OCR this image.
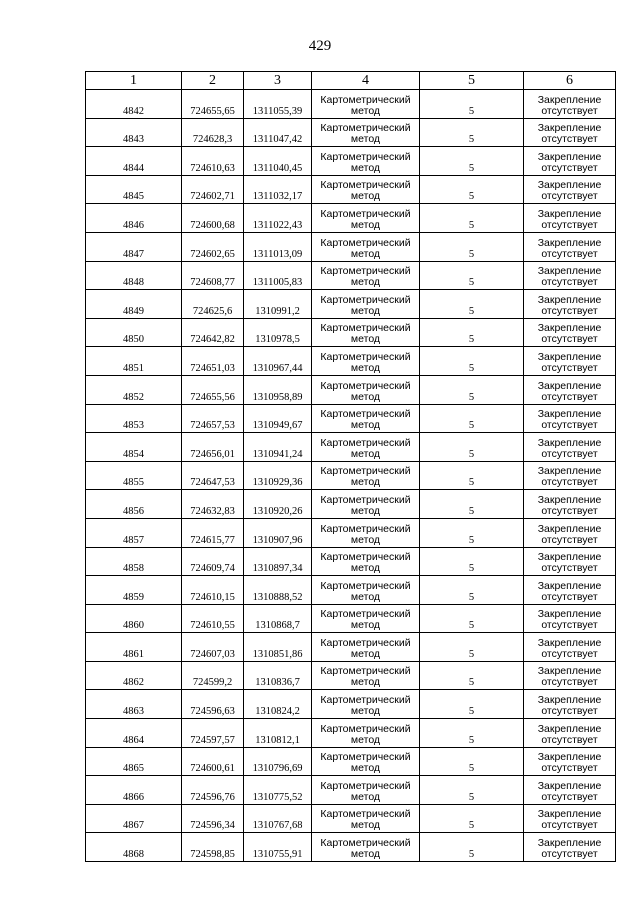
429
1	2	3	4	5	6
4842	724655,65	1311055,39	Картометрический
метод	5	Закрепление
отсутствует

4843	724628,3	1311047,42	Картометрический
метод	5	Закрепление
отсутствует

4844	724610,63	1311040,45	Картометрический
метод	5	Закрепление
отсутствует

4845	724602,71	1311032,17	Картометрический
метод	5	Закрепление
отсутствует

4846	724600,68	1311022,43	Картометрический
метод	5	Закрепление
отсутствует

4847	724602,65	1311013,09	Картометрический
метод	5	Закрепление
отсутствует

4848	724608,77	1311005,83	Картометрический
метод	5	Закрепление
отсутствует

4849	724625,6	1310991,2	Картометрический
метод	5	Закрепление
отсутствует

4850	724642,82	1310978,5	Картометрический
метод	5	Закрепление
отсутствует

4851	724651,03	1310967,44	Картометрический
метод	5	Закрепление
отсутствует

4852	724655,56	1310958,89	Картометрический
метод	5	Закрепление
отсутствует

4853	724657,53	1310949,67	Картометрический
метод	5	Закрепление
отсутствует

4854	724656,01	1310941,24	Картометрический
метод	5	Закрепление
отсутствует

4855	724647,53	1310929,36	Картометрический
метод	5	Закрепление
отсутствует

4856	724632,83	1310920,26	Картометрический
метод	5	Закрепление
отсутствует

4857	724615,77	1310907,96	Картометрический
метод	5	Закрепление
отсутствует

4858	724609,74	1310897,34	Картометрический
метод	5	Закрепление
отсутствует

4859	724610,15	1310888,52	Картометрический
метод	5	Закрепление
отсутствует

4860	724610,55	1310868,7	Картометрический
метод	5	Закрепление
отсутствует

4861	724607,03	1310851,86	Картометрический
метод	5	Закрепление
отсутствует

4862	724599,2	1310836,7	Картометрический
метод	5	Закрепление
отсутствует

4863	724596,63	1310824,2	Картометрический
метод	5	Закрепление
отсутствует

4864	724597,57	1310812,1	Картометрический
метод	5	Закрепление
отсутствует

4865	724600,61	1310796,69	Картометрический
метод	5	Закрепление
отсутствует

4866	724596,76	1310775,52	Картометрический
метод	5	Закрепление
отсутствует

4867	724596,34	1310767,68	Картометрический
метод	5	Закрепление
отсутствует

4868	724598,85	1310755,91	Картометрический
метод	5	Закрепление
отсутствует
